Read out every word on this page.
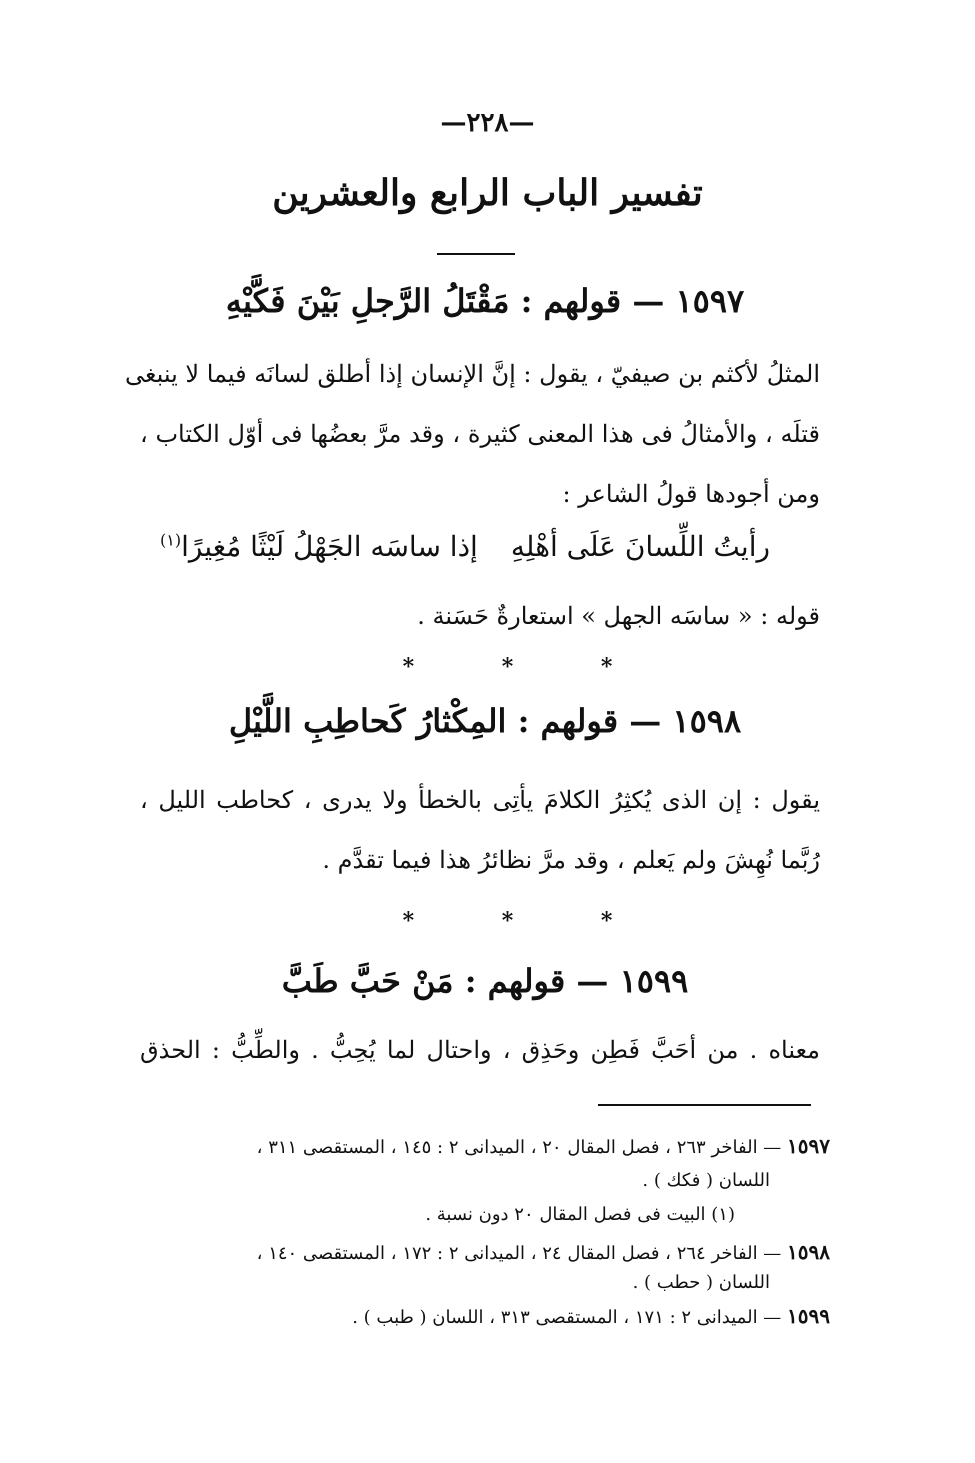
—٢٢٨—
تفسير الباب الرابع والعشرين
١٥٩٧ — قولهم : مَقْتَلُ الرَّجلِ بَيْنَ فَكَّيْهِ
المثلُ لأكثم بن صيفيّ ، يقول : إنَّ الإنسان إذا أطلق لسانَه فيما لا ينبغى
قتلَه ، والأمثالُ فى هذا المعنى كثيرة ، وقد مرَّ بعضُها فى أوّل الكتاب ،
ومن أجودها قولُ الشاعر :
رأيتُ اللِّسانَ عَلَى أهْلِهِ
إذا ساسَه الجَهْلُ لَيْثًا مُغِيرًا$^{(١)}$
قوله : « ساسَه الجهل » استعارةٌ حَسَنة .
* * *
١٥٩٨ — قولهم : المِكْثارُ كَحاطِبِ اللَّيْلِ
يقول : إن الذى يُكثِرُ الكلامَ يأتِى بالخطأ ولا يدرى ، كحاطب الليل ،
رُبَّما نُهِشَ ولم يَعلم ، وقد مرَّ نظائرُ هذا فيما تقدَّم .
* * *
١٥٩٩ — قولهم : مَنْ حَبَّ طَبَّ
معناه . من أحَبَّ فَطِن وحَذِق ، واحتال لما يُحِبُّ . والطِّبُّ : الحذق
١٥٩٧ — الفاخر ٢٦٣ ، فصل المقال ٢٠ ، الميدانى ٢ : ١٤٥ ، المستقصى ٣١١ ،
اللسان ( فكك ) .
(١) البيت فى فصل المقال ٢٠ دون نسبة .
١٥٩٨ — الفاخر ٢٦٤ ، فصل المقال ٢٤ ، الميدانى ٢ : ١٧٢ ، المستقصى ١٤٠ ،
اللسان ( حطب ) .
١٥٩٩ — الميدانى ٢ : ١٧١ ، المستقصى ٣١٣ ، اللسان ( طبب ) .
